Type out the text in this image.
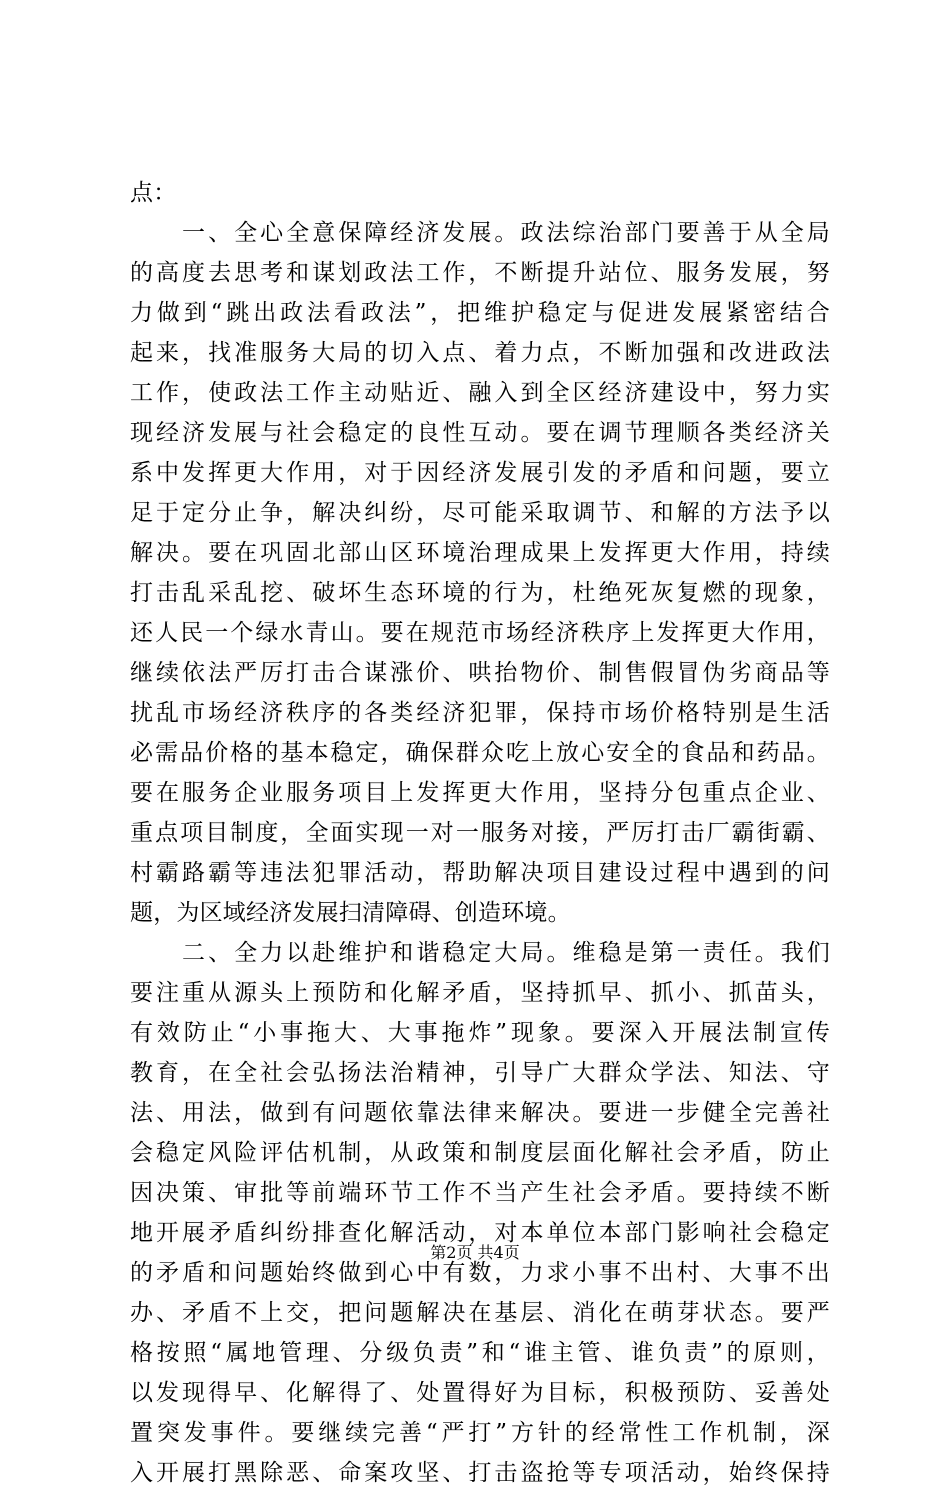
点：
　　一、全心全意保障经济发展。政法综治部门要善于从全局
的高度去思考和谋划政法工作，不断提升站位、服务发展，努
力做到“跳出政法看政法”，把维护稳定与促进发展紧密结合
起来，找准服务大局的切入点、着力点，不断加强和改进政法
工作，使政法工作主动贴近、融入到全区经济建设中，努力实
现经济发展与社会稳定的良性互动。要在调节理顺各类经济关
系中发挥更大作用，对于因经济发展引发的矛盾和问题，要立
足于定分止争，解决纠纷，尽可能采取调节、和解的方法予以
解决。要在巩固北部山区环境治理成果上发挥更大作用，持续
打击乱采乱挖、破坏生态环境的行为，杜绝死灰复燃的现象，
还人民一个绿水青山。要在规范市场经济秩序上发挥更大作用，
继续依法严厉打击合谋涨价、哄抬物价、制售假冒伪劣商品等
扰乱市场经济秩序的各类经济犯罪，保持市场价格特别是生活
必需品价格的基本稳定，确保群众吃上放心安全的食品和药品。
要在服务企业服务项目上发挥更大作用，坚持分包重点企业、
重点项目制度，全面实现一对一服务对接，严厉打击厂霸街霸、
村霸路霸等违法犯罪活动，帮助解决项目建设过程中遇到的问
题，为区域经济发展扫清障碍、创造环境。
　　二、全力以赴维护和谐稳定大局。维稳是第一责任。我们
要注重从源头上预防和化解矛盾，坚持抓早、抓小、抓苗头，
有效防止“小事拖大、大事拖炸”现象。要深入开展法制宣传
教育，在全社会弘扬法治精神，引导广大群众学法、知法、守
法、用法，做到有问题依靠法律来解决。要进一步健全完善社
会稳定风险评估机制，从政策和制度层面化解社会矛盾，防止
因决策、审批等前端环节工作不当产生社会矛盾。要持续不断
地开展矛盾纠纷排查化解活动，对本单位本部门影响社会稳定
的矛盾和问题始终做到心中有数，力求小事不出村、大事不出
办、矛盾不上交，把问题解决在基层、消化在萌芽状态。要严
格按照“属地管理、分级负责”和“谁主管、谁负责”的原则，
以发现得早、化解得了、处置得好为目标，积极预防、妥善处
置突发事件。要继续完善“严打”方针的经常性工作机制，深
入开展打黑除恶、命案攻坚、打击盗抢等专项活动，始终保持
第2页 共4页
